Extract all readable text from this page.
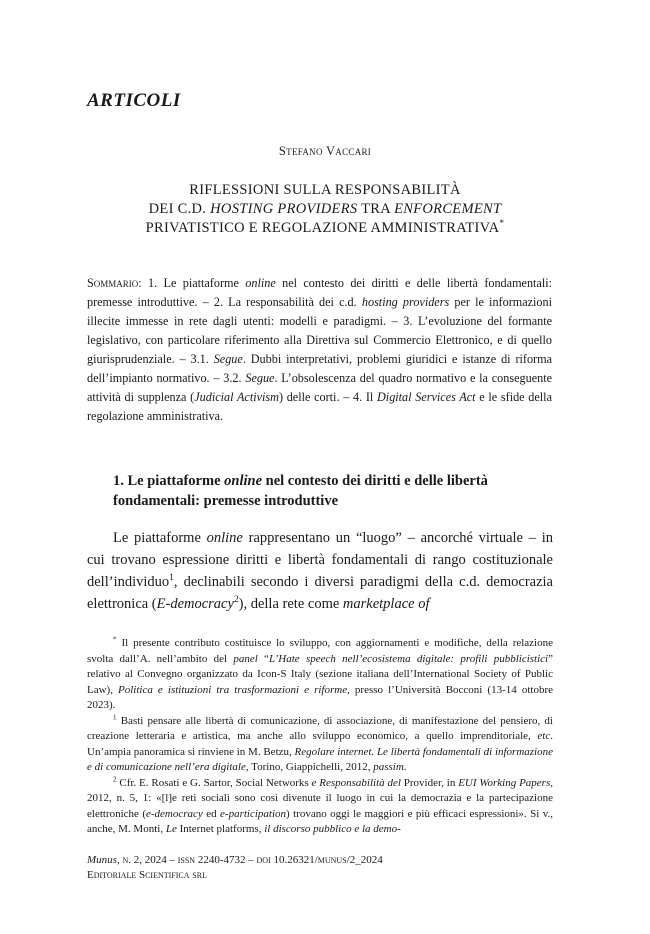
ARTICOLI
Stefano Vaccari
RIFLESSIONI SULLA RESPONSABILITÀ
DEI C.D. HOSTING PROVIDERS TRA ENFORCEMENT
PRIVATISTICO E REGOLAZIONE AMMINISTRATIVA*
Sommario: 1. Le piattaforme online nel contesto dei diritti e delle libertà fondamentali: premesse introduttive. – 2. La responsabilità dei c.d. hosting providers per le informazioni illecite immesse in rete dagli utenti: modelli e paradigmi. – 3. L’evoluzione del formante legislativo, con particolare riferimento alla Direttiva sul Commercio Elettronico, e di quello giurisprudenziale. – 3.1. Segue. Dubbi interpretativi, problemi giuridici e istanze di riforma dell’impianto normativo. – 3.2. Segue. L’obsolescenza del quadro normativo e la conseguente attività di supplenza (Judicial Activism) delle corti. – 4. Il Digital Services Act e le sfide della regolazione amministrativa.
1. Le piattaforme online nel contesto dei diritti e delle libertà fondamentali: premesse introduttive
Le piattaforme online rappresentano un “luogo” – ancorché virtuale – in cui trovano espressione diritti e libertà fondamentali di rango costituzionale dell’individuo$^1$, declinabili secondo i diversi paradigmi della c.d. democrazia elettronica (E-democracy$^2$), della rete come marketplace of

* Il presente contributo costituisce lo sviluppo, con aggiornamenti e modifiche, della relazione svolta dall’A. nell’ambito del panel “L’Hate speech nell’ecosistema digitale: profili pubblicistici” relativo al Convegno organizzato da Icon-S Italy (sezione italiana dell’International Society of Public Law), Politica e istituzioni tra trasformazioni e riforme, presso l’Università Bocconi (13-14 ottobre 2023).

$^1$ Basti pensare alle libertà di comunicazione, di associazione, di manifestazione del pensiero, di creazione letteraria e artistica, ma anche allo sviluppo economico, a quello imprenditoriale, etc. Un’ampia panoramica si rinviene in M. Betzu, Regolare internet. Le libertà fondamentali di informazione e di comunicazione nell’era digitale, Torino, Giappichelli, 2012, passim.

$^2$ Cfr. E. Rosati e G. Sartor, Social Networks e Responsabilità del Provider, in EUI Working Papers, 2012, n. 5, 1: «[l]e reti sociali sono così divenute il luogo in cui la democrazia e la partecipazione elettroniche (e-democracy ed e-participation) trovano oggi le maggiori e più efficaci espressioni». Si v., anche, M. Monti, Le Internet platforms, il discorso pubblico e la demo-

Munus, n. 2, 2024 – issn 2240-4732 – doi 10.26321/munus/2_2024
Editoriale Scientifica srl
